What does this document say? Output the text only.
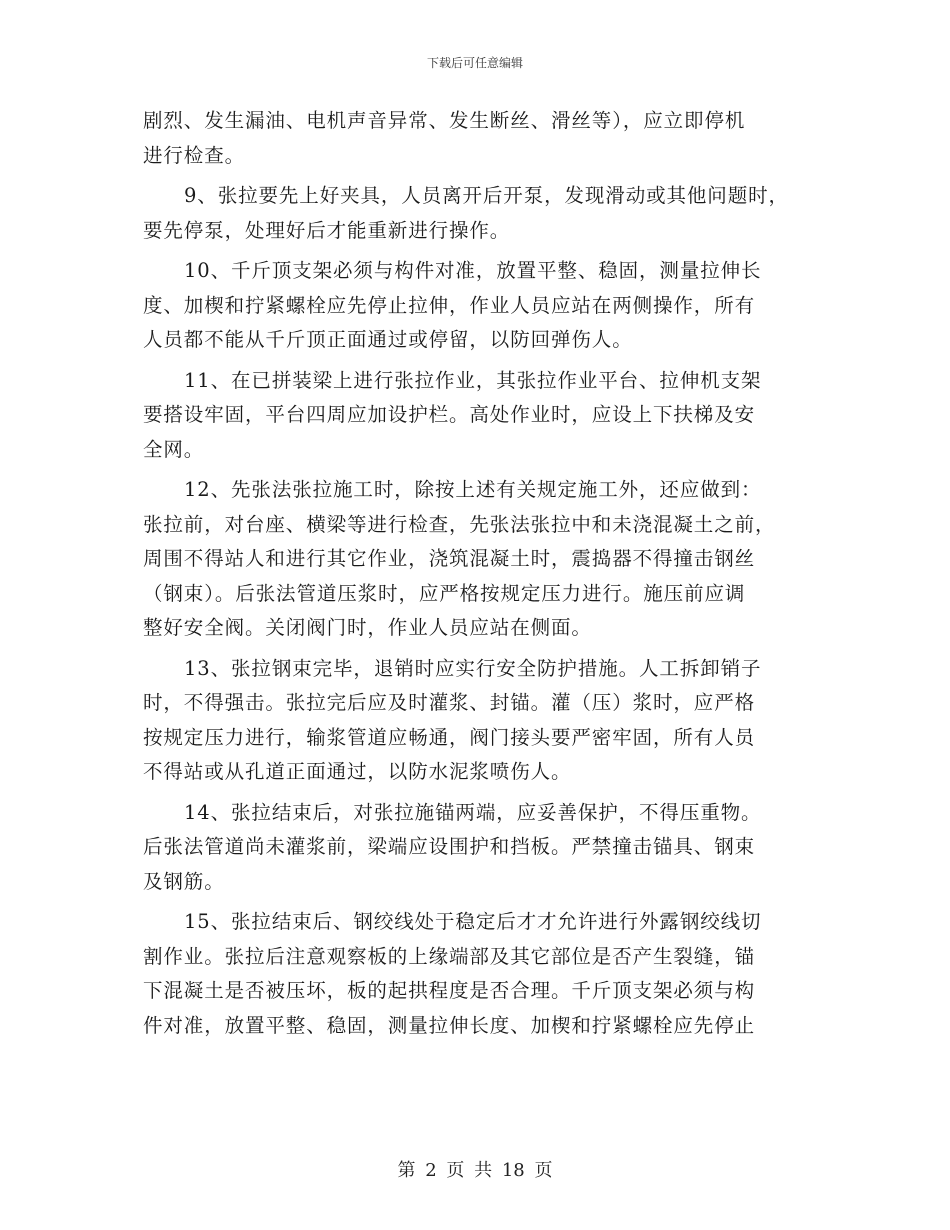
下载后可任意编辑
剧烈、发生漏油、电机声音异常、发生断丝、滑丝等），应立即停机
进行检查。
9、张拉要先上好夹具，人员离开后开泵，发现滑动或其他问题时，
要先停泵，处理好后才能重新进行操作。
10、千斤顶支架必须与构件对准，放置平整、稳固，测量拉伸长
度、加楔和拧紧螺栓应先停止拉伸，作业人员应站在两侧操作，所有
人员都不能从千斤顶正面通过或停留，以防回弹伤人。
11、在已拼装梁上进行张拉作业，其张拉作业平台、拉伸机支架
要搭设牢固，平台四周应加设护栏。高处作业时，应设上下扶梯及安
全网。
12、先张法张拉施工时，除按上述有关规定施工外，还应做到：
张拉前，对台座、横梁等进行检查，先张法张拉中和未浇混凝土之前，
周围不得站人和进行其它作业，浇筑混凝土时，震捣器不得撞击钢丝
（钢束）。后张法管道压浆时，应严格按规定压力进行。施压前应调
整好安全阀。关闭阀门时，作业人员应站在侧面。
13、张拉钢束完毕，退销时应实行安全防护措施。人工拆卸销子
时，不得强击。张拉完后应及时灌浆、封锚。灌（压）浆时，应严格
按规定压力进行，输浆管道应畅通，阀门接头要严密牢固，所有人员
不得站或从孔道正面通过，以防水泥浆喷伤人。
14、张拉结束后，对张拉施锚两端，应妥善保护，不得压重物。
后张法管道尚未灌浆前，梁端应设围护和挡板。严禁撞击锚具、钢束
及钢筋。
15、张拉结束后、钢绞线处于稳定后才才允许进行外露钢绞线切
割作业。张拉后注意观察板的上缘端部及其它部位是否产生裂缝，锚
下混凝土是否被压坏，板的起拱程度是否合理。千斤顶支架必须与构
件对准，放置平整、稳固，测量拉伸长度、加楔和拧紧螺栓应先停止
第 2 页 共 18 页
